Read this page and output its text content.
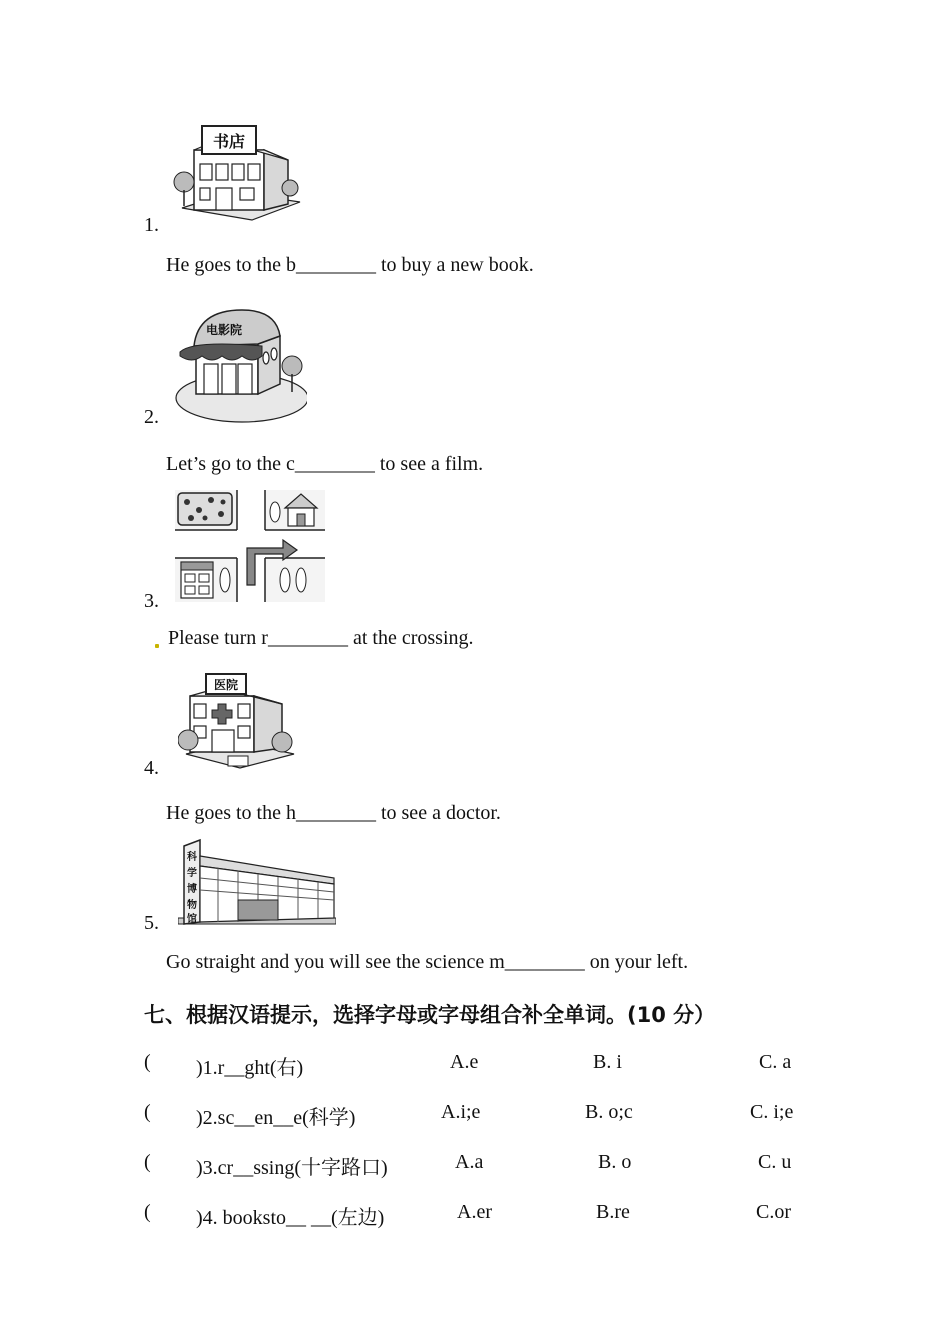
书店
1.
He goes to the b________ to buy a new book.
电影院
2.
Let’s go to the c________ to see a film.
3.
Please turn r________ at the crossing.
医院
4.
He goes to the h________ to see a doctor.
科
学
博
物
馆
5.
Go straight and you will see the science m________ on your left.
七、根据汉语提示，选择字母或字母组合补全单词。(10 分）
( )1.r__ght(右)	A.e	B. i	C. a
( )2.sc__en__e(科学)	A.i;e	B. o;c	C. i;e
( )3.cr__ssing(十字路口)	A.a	B. o	C. u
( )4. booksto__ __(左边)	A.er	B.re	C.or
